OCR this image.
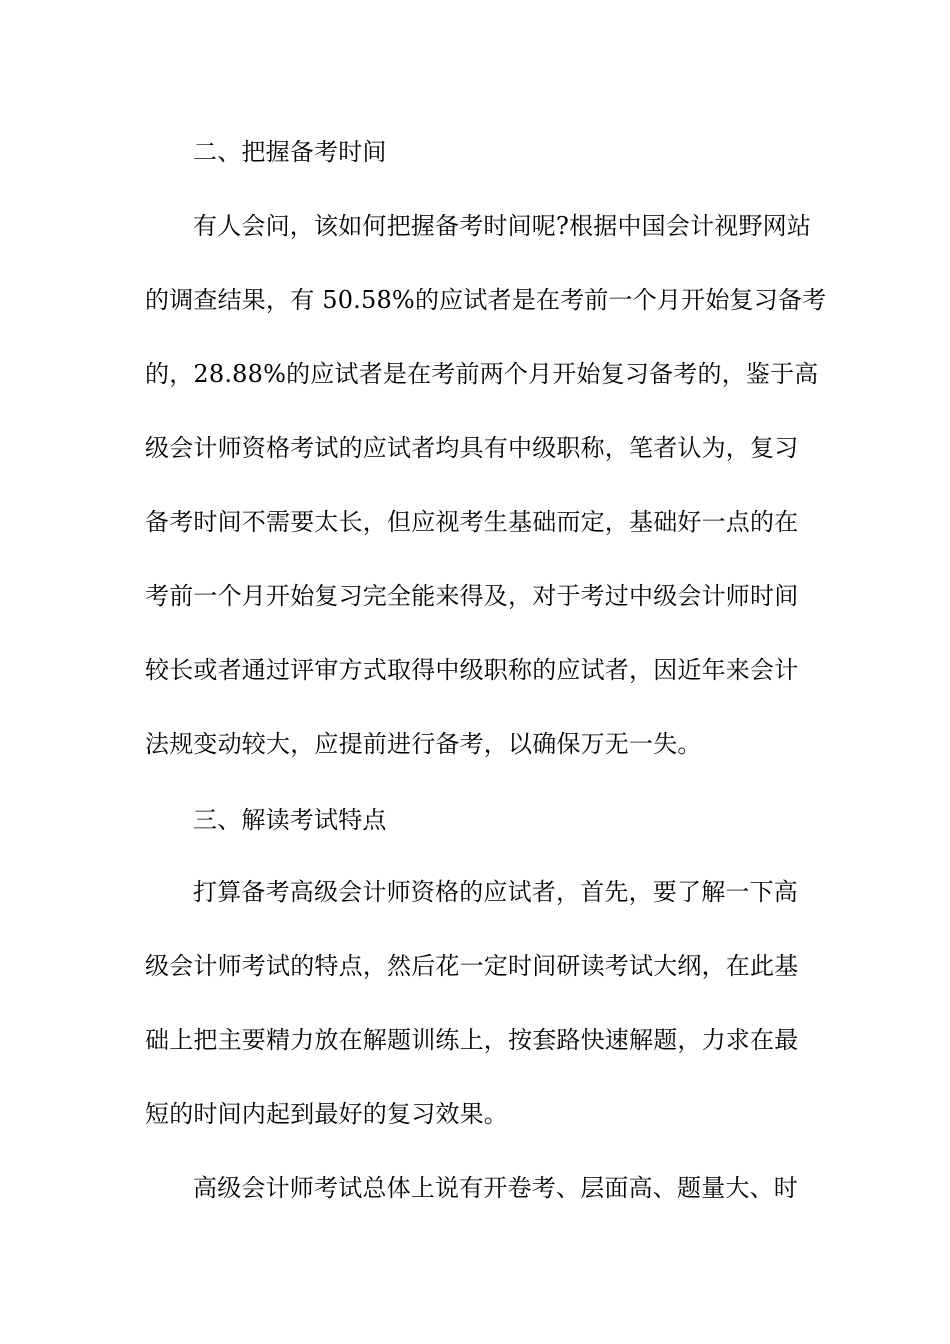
二、把握备考时间
有人会问，该如何把握备考时间呢?根据中国会计视野网站
的调查结果，有 50.58%的应试者是在考前一个月开始复习备考
的，28.88%的应试者是在考前两个月开始复习备考的，鉴于高
级会计师资格考试的应试者均具有中级职称，笔者认为，复习
备考时间不需要太长，但应视考生基础而定，基础好一点的在
考前一个月开始复习完全能来得及，对于考过中级会计师时间
较长或者通过评审方式取得中级职称的应试者，因近年来会计
法规变动较大，应提前进行备考，以确保万无一失。
三、解读考试特点
打算备考高级会计师资格的应试者，首先，要了解一下高
级会计师考试的特点，然后花一定时间研读考试大纲，在此基
础上把主要精力放在解题训练上，按套路快速解题，力求在最
短的时间内起到最好的复习效果。
高级会计师考试总体上说有开卷考、层面高、题量大、时
